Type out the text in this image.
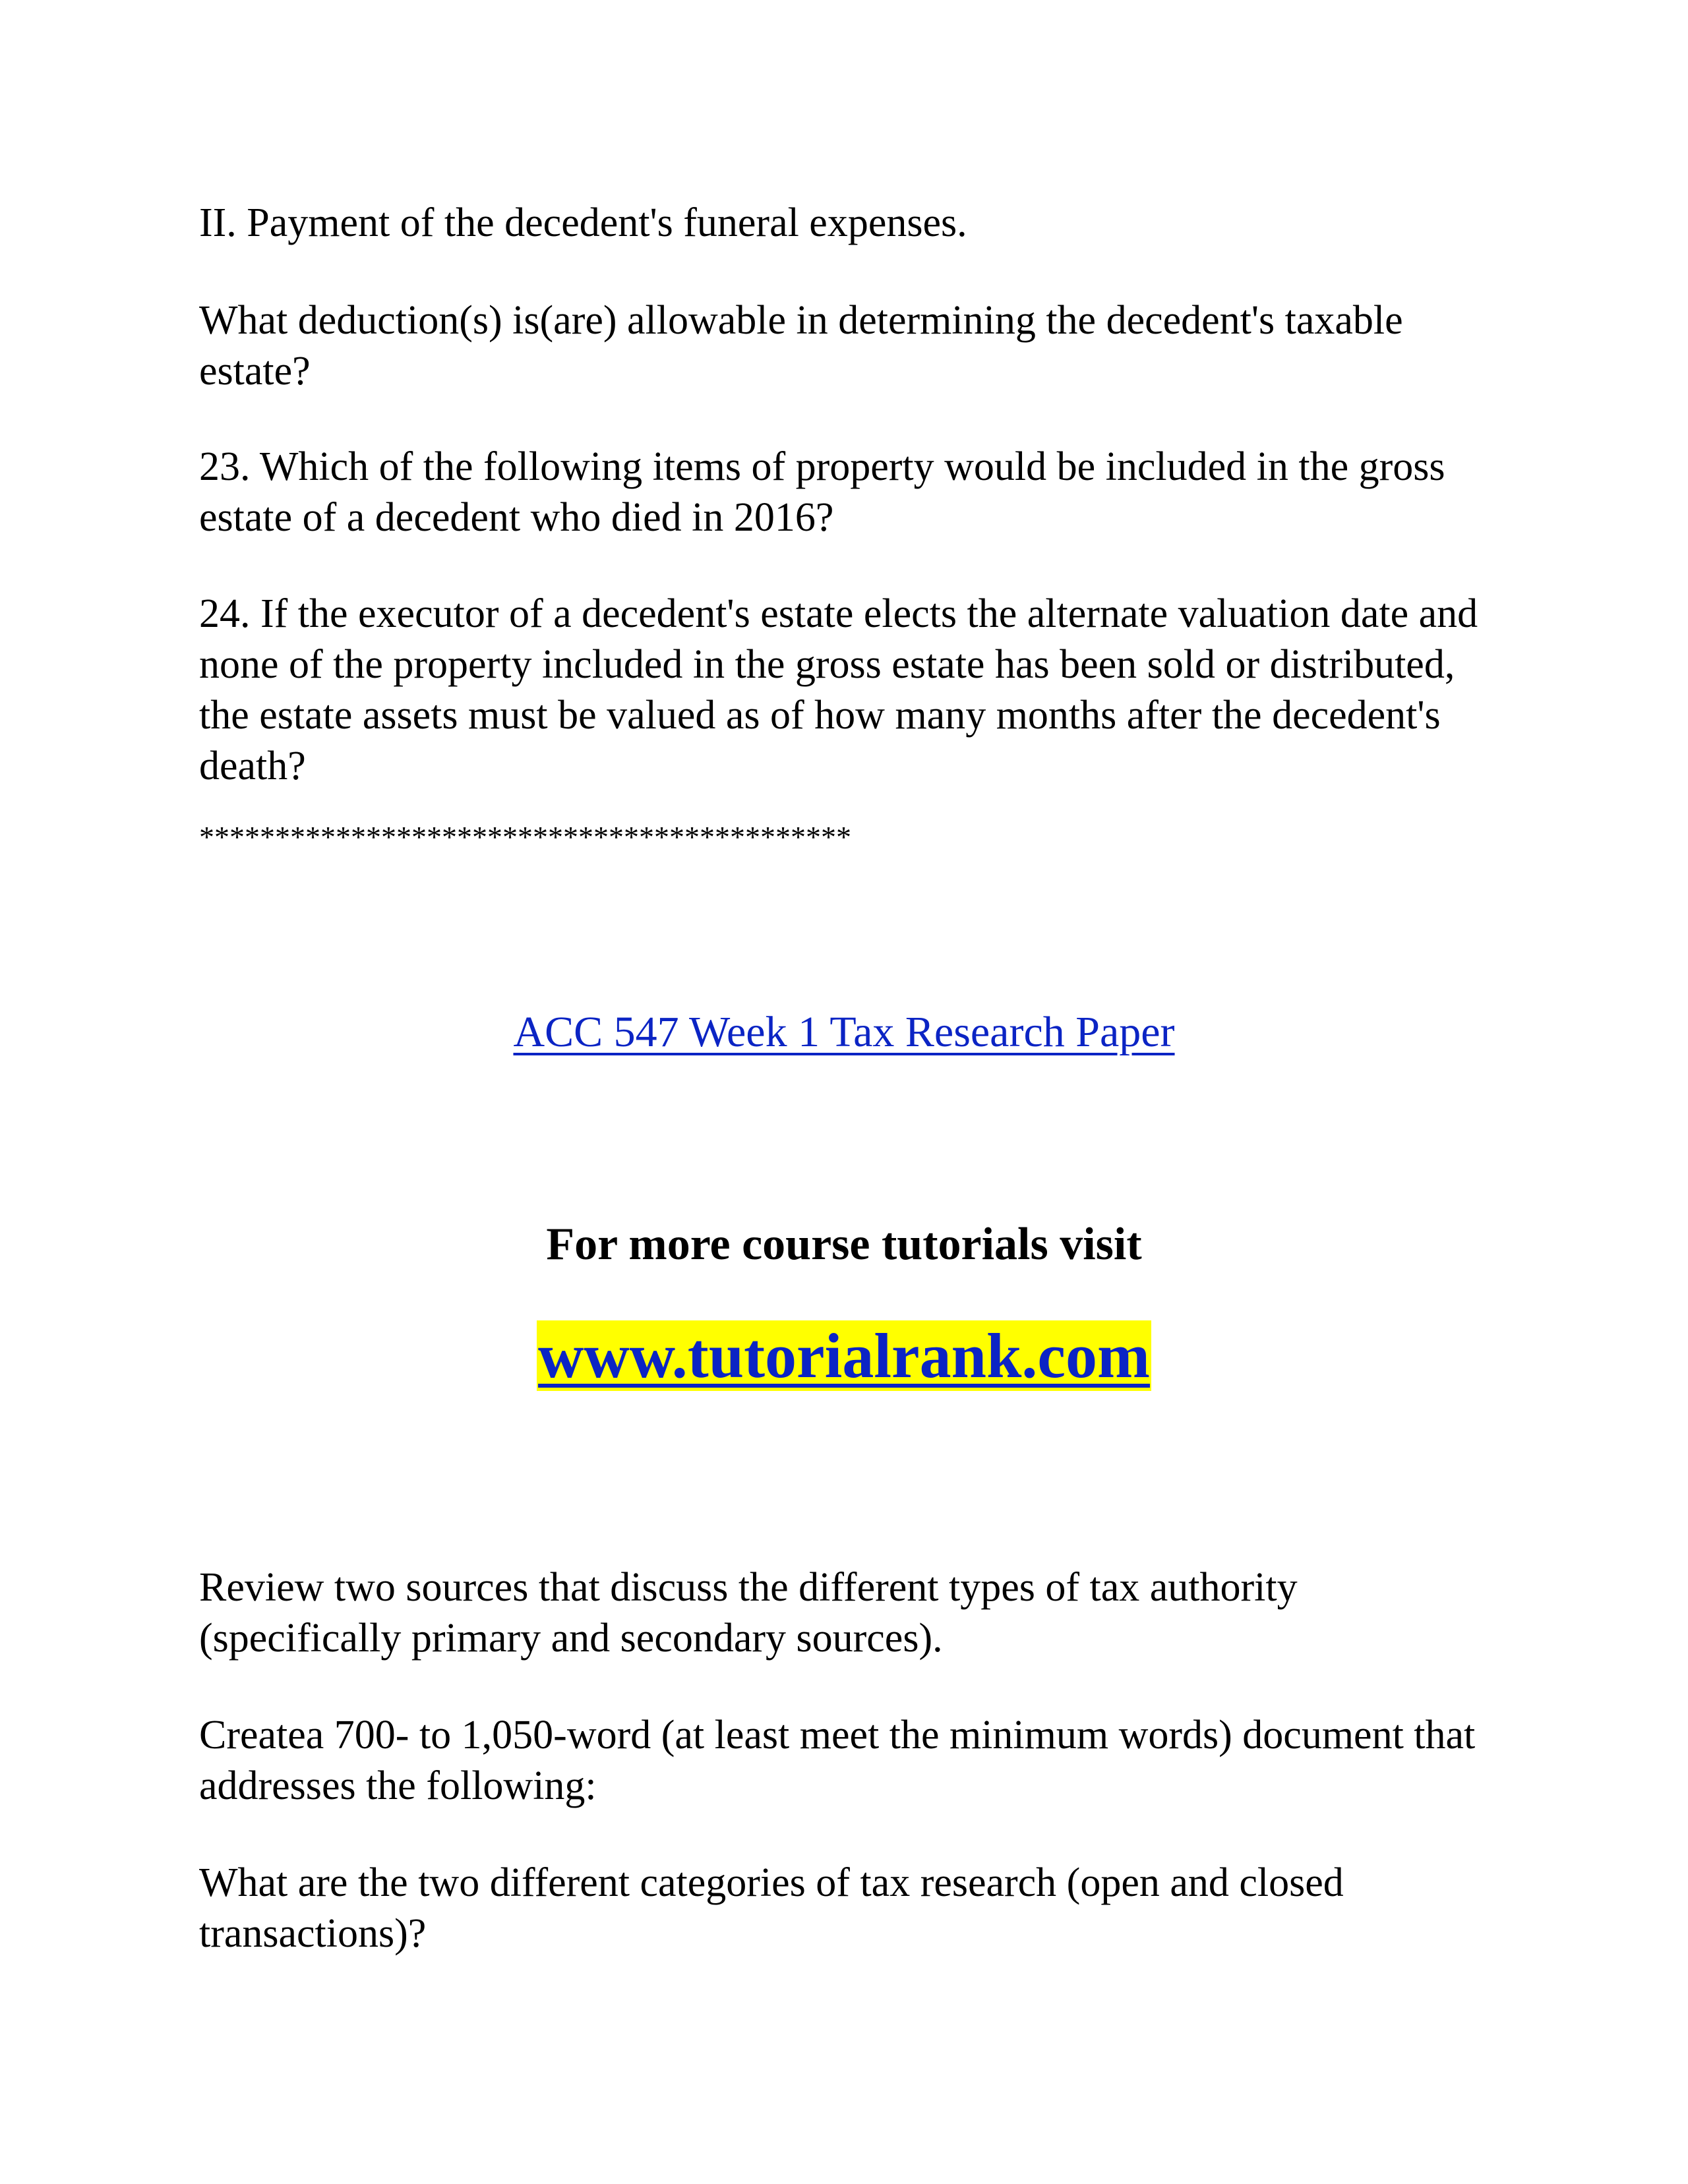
II. Payment of the decedent's funeral expenses.

What deduction(s) is(are) allowable in determining the decedent's taxable estate?

23. Which of the following items of property would be included in the gross estate of a decedent who died in 2016?

24. If the executor of a decedent's estate elects the alternate valuation date and none of the property included in the gross estate has been sold or distributed, the estate assets must be valued as of how many months after the decedent's death?

*******************************************

ACC 547 Week 1 Tax Research Paper

For more course tutorials visit

www.tutorialrank.com

Review two sources that discuss the different types of tax authority (specifically primary and secondary sources).

Createa 700- to 1,050-word (at least meet the minimum words) document that addresses the following:

What are the two different categories of tax research (open and closed transactions)?
